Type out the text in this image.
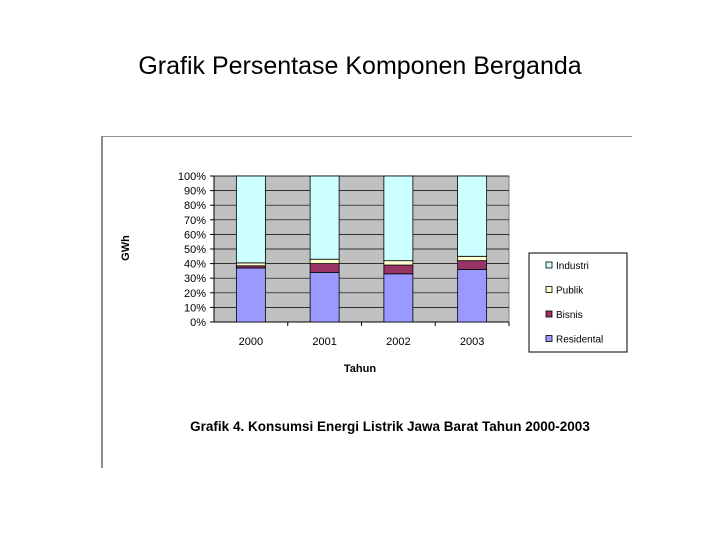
Grafik Persentase Komponen Berganda
GWh
Tahun
0%
10%
20%
30%
40%
50%
60%
70%
80%
90%
100%
2000	2001	2002	2003
Industri
Publik
Bisnis
Residental
Grafik 4. Konsumsi Energi Listrik Jawa Barat Tahun 2000-2003
